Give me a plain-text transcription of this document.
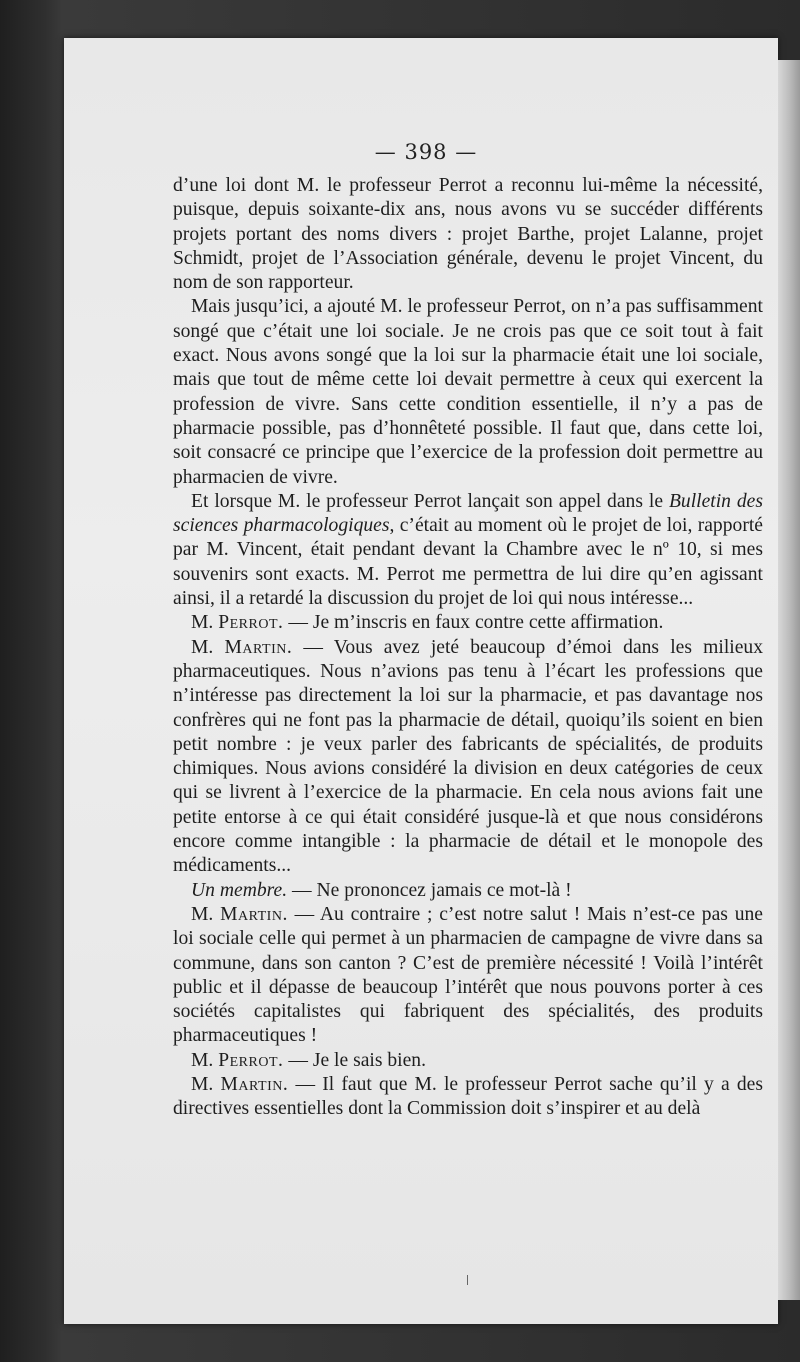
— 398 —

d’une loi dont M. le professeur Perrot a reconnu lui-même la nécessité, puisque, depuis soixante-dix ans, nous avons vu se succéder différents projets portant des noms divers : projet Barthe, projet Lalanne, projet Schmidt, projet de l’Association générale, devenu le projet Vincent, du nom de son rapporteur.

Mais jusqu’ici, a ajouté M. le professeur Perrot, on n’a pas suffisamment songé que c’était une loi sociale. Je ne crois pas que ce soit tout à fait exact. Nous avons songé que la loi sur la pharmacie était une loi sociale, mais que tout de même cette loi devait permettre à ceux qui exercent la profession de vivre. Sans cette condition essentielle, il n’y a pas de pharmacie possible, pas d’honnêteté possible. Il faut que, dans cette loi, soit consacré ce principe que l’exercice de la profession doit permettre au pharmacien de vivre.

Et lorsque M. le professeur Perrot lançait son appel dans le Bulletin des sciences pharmacologiques, c’était au moment où le projet de loi, rapporté par M. Vincent, était pendant devant la Chambre avec le nº 10, si mes souvenirs sont exacts. M. Perrot me permettra de lui dire qu’en agissant ainsi, il a retardé la discussion du projet de loi qui nous intéresse...

M. Perrot. — Je m’inscris en faux contre cette affirmation.

M. Martin. — Vous avez jeté beaucoup d’émoi dans les milieux pharmaceutiques. Nous n’avions pas tenu à l’écart les professions que n’intéresse pas directement la loi sur la pharmacie, et pas davantage nos confrères qui ne font pas la pharmacie de détail, quoiqu’ils soient en bien petit nombre : je veux parler des fabricants de spécialités, de produits chimiques. Nous avions considéré la division en deux catégories de ceux qui se livrent à l’exercice de la pharmacie. En cela nous avions fait une petite entorse à ce qui était considéré jusque-là et que nous considérons encore comme intangible : la pharmacie de détail et le monopole des médicaments...

Un membre. — Ne prononcez jamais ce mot-là !

M. Martin. — Au contraire ; c’est notre salut ! Mais n’est-ce pas une loi sociale celle qui permet à un pharmacien de campagne de vivre dans sa commune, dans son canton ? C’est de première nécessité ! Voilà l’intérêt public et il dépasse de beaucoup l’intérêt que nous pouvons porter à ces sociétés capitalistes qui fabriquent des spécialités, des produits pharmaceutiques !

M. Perrot. — Je le sais bien.

M. Martin. — Il faut que M. le professeur Perrot sache qu’il y a des directives essentielles dont la Commission doit s’inspirer et au delà
